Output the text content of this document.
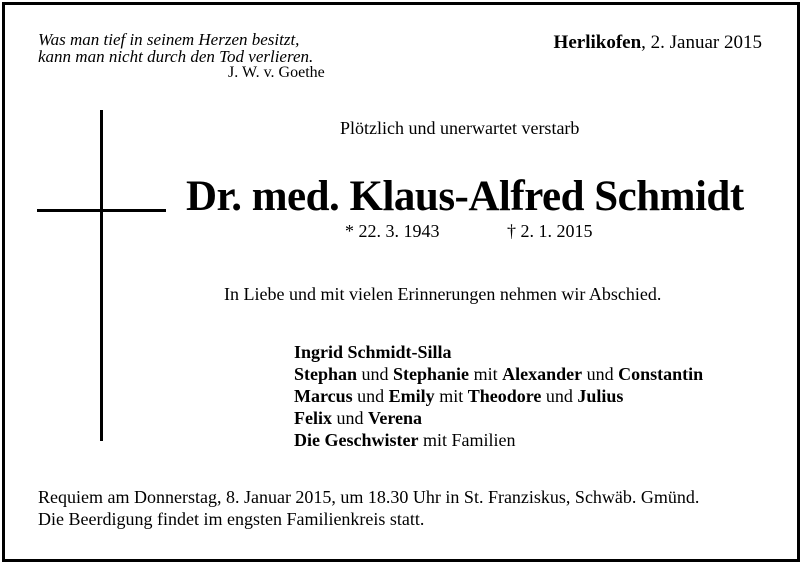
Was man tief in seinem Herzen besitzt,
kann man nicht durch den Tod verlieren.
J. W. v. Goethe
Herlikofen, 2. Januar 2015
Plötzlich und unerwartet verstarb
Dr. med. Klaus-Alfred Schmidt
* 22. 3. 1943	† 2. 1. 2015
In Liebe und mit vielen Erinnerungen nehmen wir Abschied.
Ingrid Schmidt-Silla
Stephan und Stephanie mit Alexander und Constantin
Marcus und Emily mit Theodore und Julius
Felix und Verena
Die Geschwister mit Familien
Requiem am Donnerstag, 8. Januar 2015, um 18.30 Uhr in St. Franziskus, Schwäb. Gmünd.
Die Beerdigung findet im engsten Familienkreis statt.
